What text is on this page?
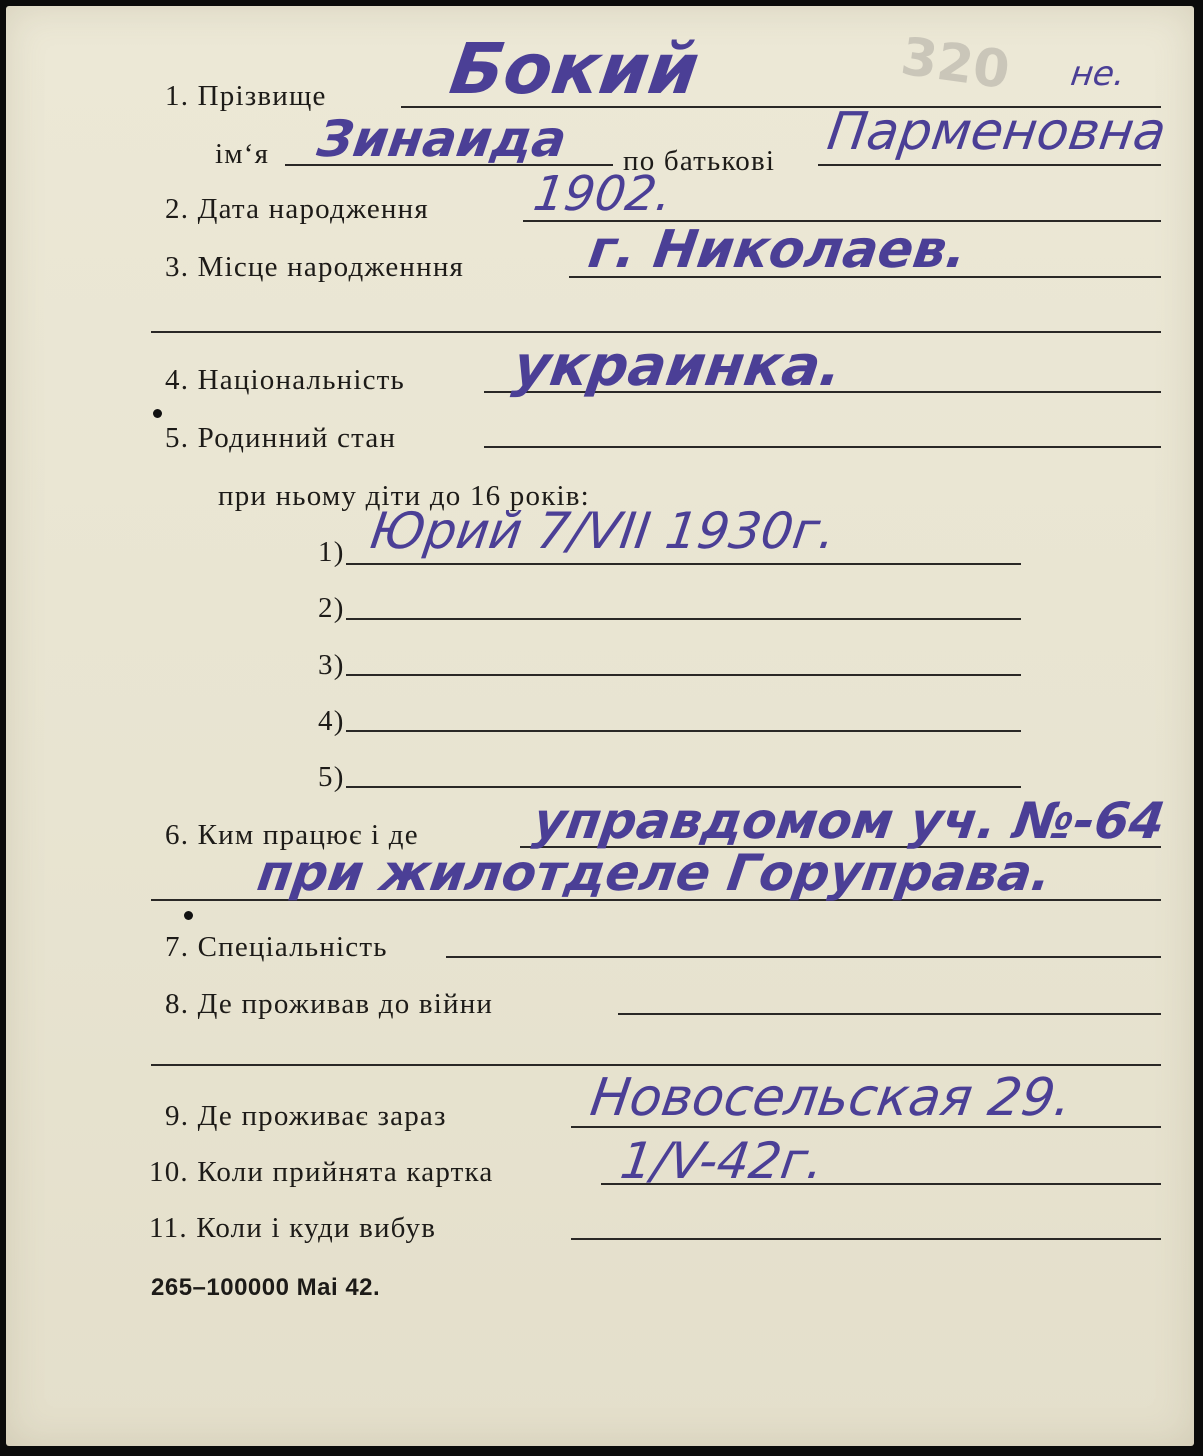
320 не.
1. Прізвище Бокий
ім‘я Зинаида по батькові Парменовна
2. Дата народження 1902.
3. Місце народженння г. Николаев.
4. Національність украинка.
5. Родинний стан
при ньому діти до 16 років:
1) Юрий 7/VII 1930г.
2)
3)
4)
5)
6. Ким працює і де управдомом уч. №-64
при жилотделе Горуправа.
7. Спеціальність
8. Де проживав до війни
9. Де проживає зараз	Новосельская 29.
10. Коли прийнята картка 1/V-42г.
11. Коли і куди вибув
265–100000 Mai 42.
